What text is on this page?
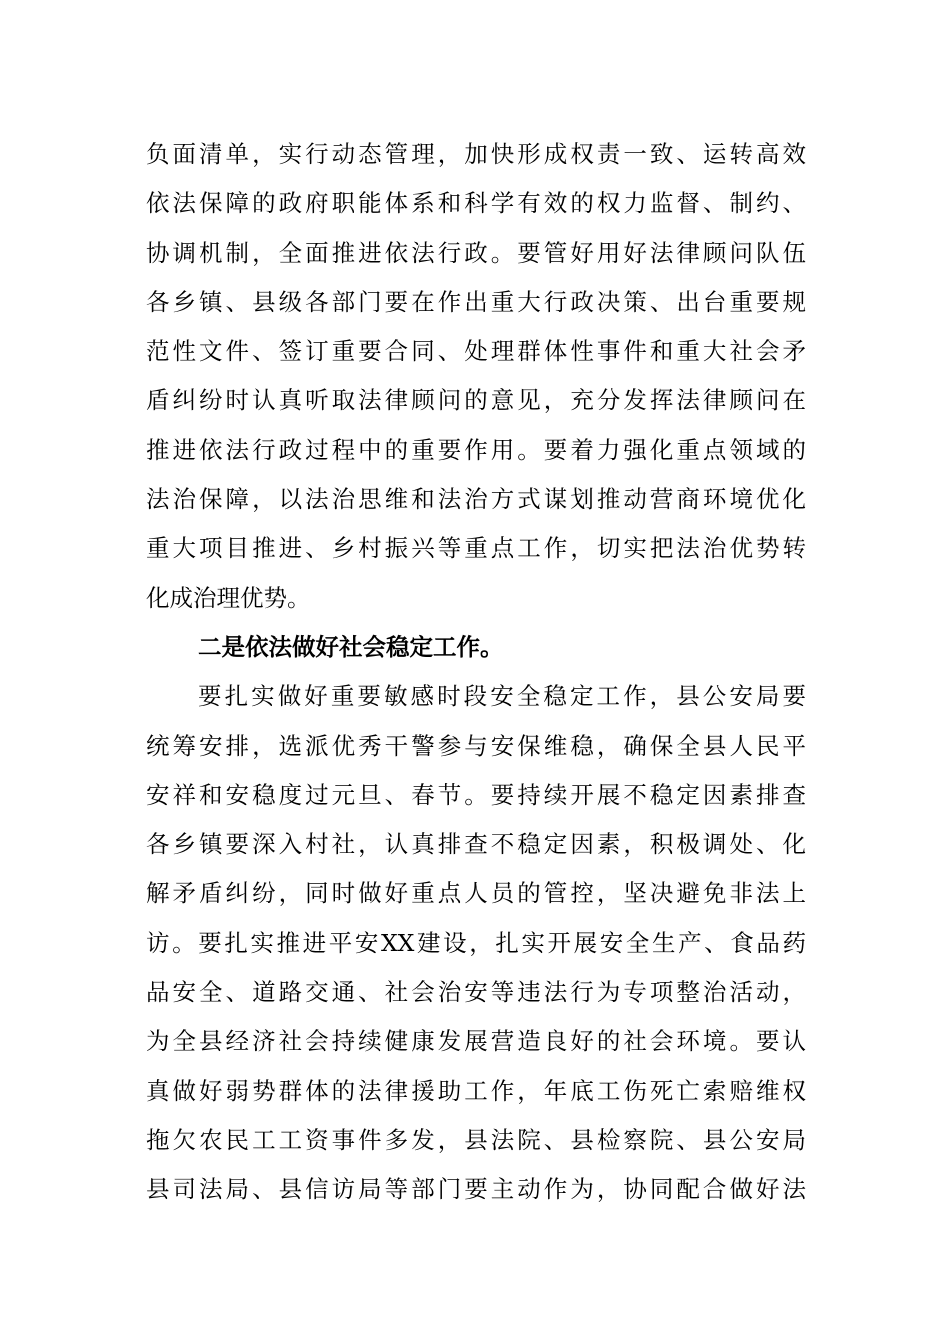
负面清单，实行动态管理，加快形成权责一致、运转高效
依法保障的政府职能体系和科学有效的权力监督、制约、
协调机制，全面推进依法行政。要管好用好法律顾问队伍
各乡镇、县级各部门要在作出重大行政决策、出台重要规
范性文件、签订重要合同、处理群体性事件和重大社会矛
盾纠纷时认真听取法律顾问的意见，充分发挥法律顾问在
推进依法行政过程中的重要作用。要着力强化重点领域的
法治保障，以法治思维和法治方式谋划推动营商环境优化
重大项目推进、乡村振兴等重点工作，切实把法治优势转
化成治理优势。
二是依法做好社会稳定工作。
要扎实做好重要敏感时段安全稳定工作，县公安局要
统筹安排，选派优秀干警参与安保维稳，确保全县人民平
安祥和安稳度过元旦、春节。要持续开展不稳定因素排查
各乡镇要深入村社，认真排查不稳定因素，积极调处、化
解矛盾纠纷，同时做好重点人员的管控，坚决避免非法上
访。要扎实推进平安XX建设，扎实开展安全生产、食品药
品安全、道路交通、社会治安等违法行为专项整治活动，
为全县经济社会持续健康发展营造良好的社会环境。要认
真做好弱势群体的法律援助工作，年底工伤死亡索赔维权
拖欠农民工工资事件多发，县法院、县检察院、县公安局
县司法局、县信访局等部门要主动作为，协同配合做好法
